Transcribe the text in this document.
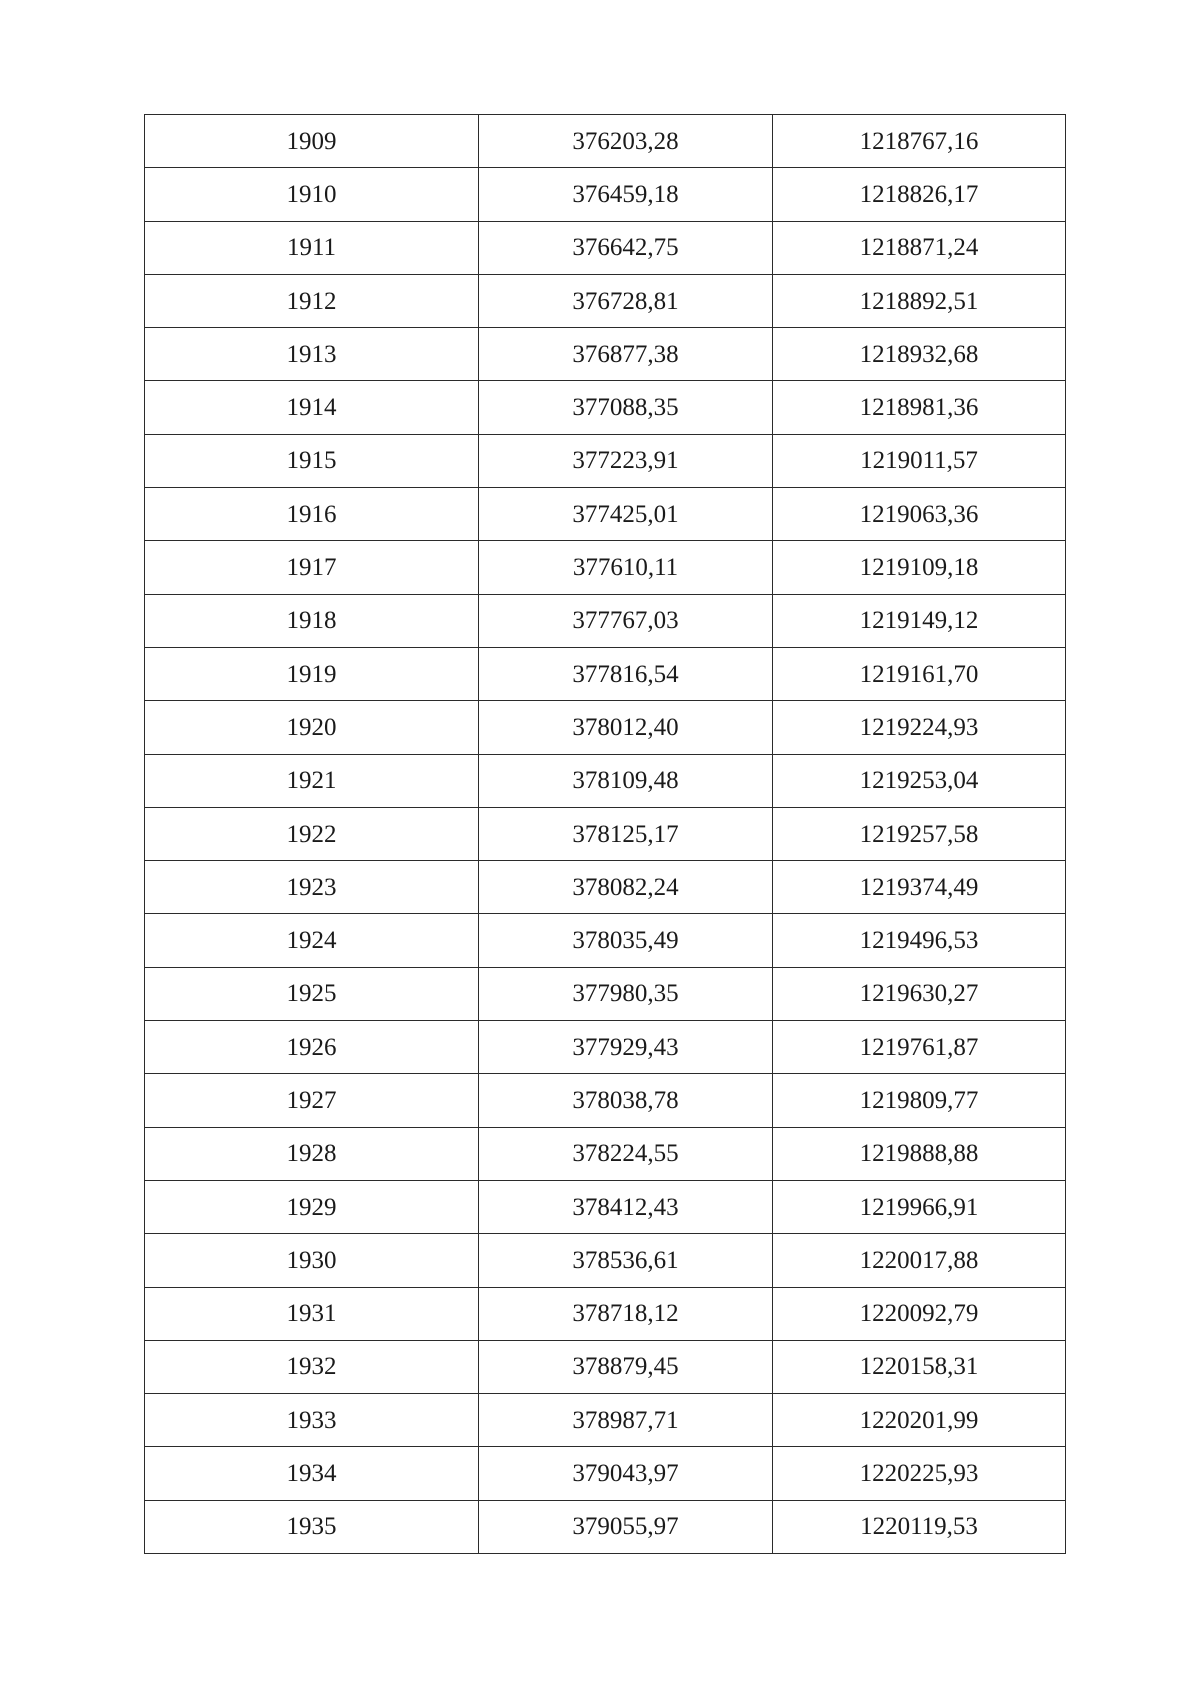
1909	376203,28	1218767,16
1910	376459,18	1218826,17
1911	376642,75	1218871,24
1912	376728,81	1218892,51
1913	376877,38	1218932,68
1914	377088,35	1218981,36
1915	377223,91	1219011,57
1916	377425,01	1219063,36
1917	377610,11	1219109,18
1918	377767,03	1219149,12
1919	377816,54	1219161,70
1920	378012,40	1219224,93
1921	378109,48	1219253,04
1922	378125,17	1219257,58
1923	378082,24	1219374,49
1924	378035,49	1219496,53
1925	377980,35	1219630,27
1926	377929,43	1219761,87
1927	378038,78	1219809,77
1928	378224,55	1219888,88
1929	378412,43	1219966,91
1930	378536,61	1220017,88
1931	378718,12	1220092,79
1932	378879,45	1220158,31
1933	378987,71	1220201,99
1934	379043,97	1220225,93
1935	379055,97	1220119,53
